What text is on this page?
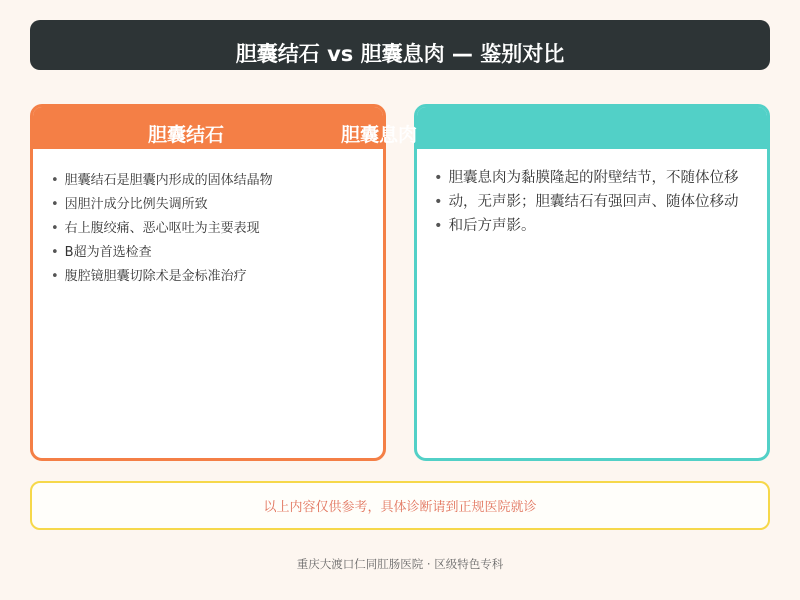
胆囊结石 vs 胆囊息肉 — 鉴别对比
胆囊结石
• 胆囊结石是胆囊内形成的固体结晶物
• 因胆汁成分比例失调所致
• 右上腹绞痛、恶心呕吐为主要表现
• B超为首选检查
• 腹腔镜胆囊切除术是金标准治疗
• 胆囊息肉为黏膜隆起的附壁结节，不随体位移
• 动，无声影；胆囊结石有强回声、随体位移动
• 和后方声影。
胆囊息肉
以上内容仅供参考，具体诊断请到正规医院就诊
重庆大渡口仁同肛肠医院 · 区级特色专科
